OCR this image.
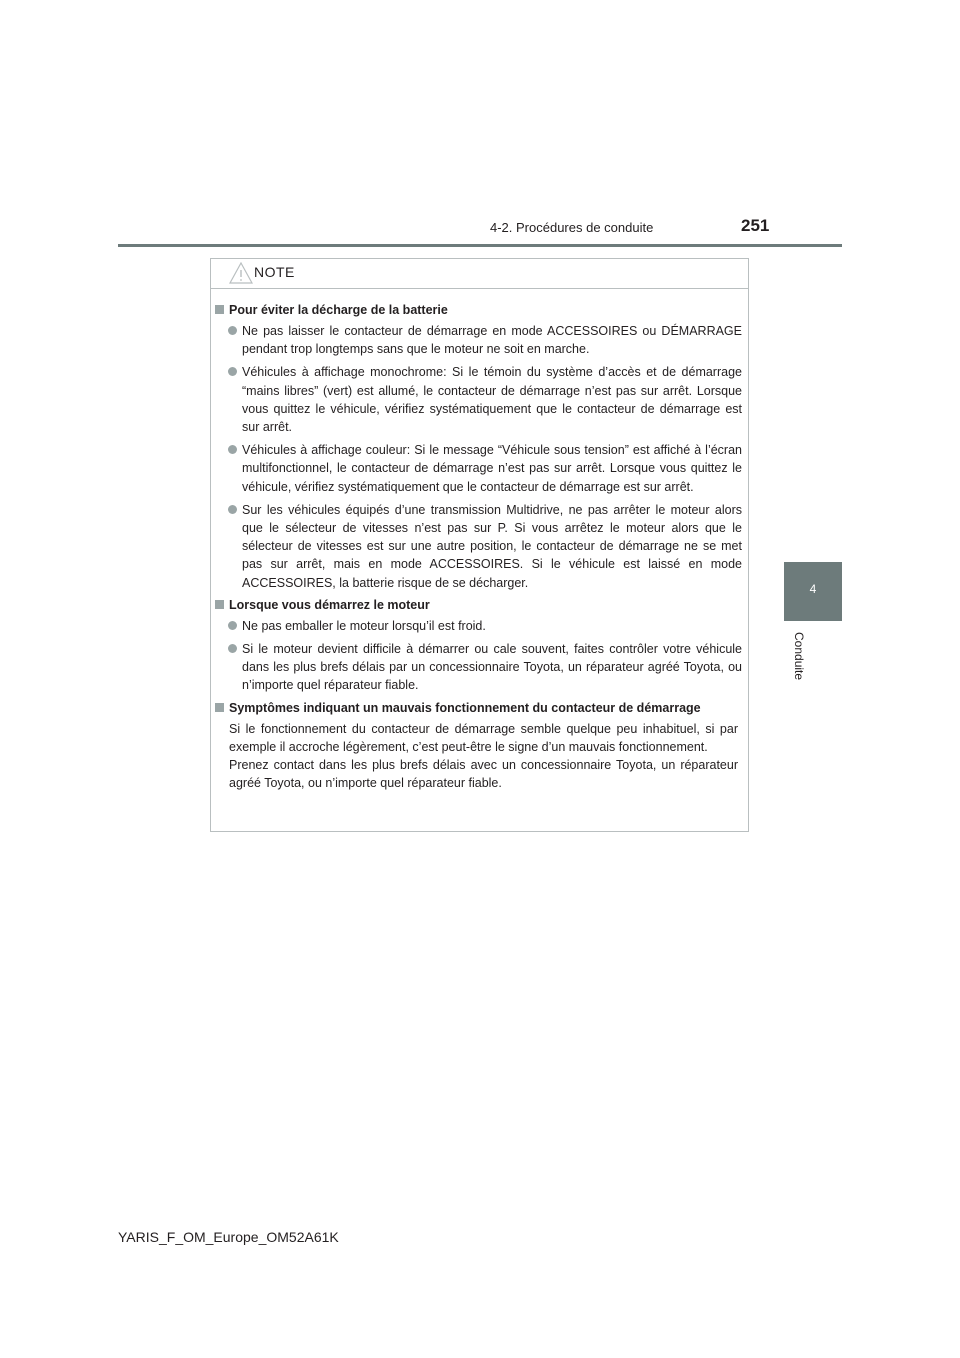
4-2. Procédures de conduite	251
4
Conduite
NOTE
Pour éviter la décharge de la batterie
Ne pas laisser le contacteur de démarrage en mode ACCESSOIRES ou DÉMARRAGE pendant trop longtemps sans que le moteur ne soit en marche.
Véhicules à affichage monochrome: Si le témoin du système d’accès et de démarrage “mains libres” (vert) est allumé, le contacteur de démarrage n’est pas sur arrêt. Lorsque vous quittez le véhicule, vérifiez systématiquement que le contacteur de démarrage est sur arrêt.
Véhicules à affichage couleur: Si le message “Véhicule sous tension” est affiché à l’écran multifonctionnel, le contacteur de démarrage n’est pas sur arrêt. Lorsque vous quittez le véhicule, vérifiez systématiquement que le contacteur de démarrage est sur arrêt.
Sur les véhicules équipés d’une transmission Multidrive, ne pas arrêter le moteur alors que le sélecteur de vitesses n’est pas sur P. Si vous arrêtez le moteur alors que le sélecteur de vitesses est sur une autre position, le contacteur de démarrage ne se met pas sur arrêt, mais en mode ACCESSOIRES. Si le véhicule est laissé en mode ACCESSOIRES, la batterie risque de se décharger.
Lorsque vous démarrez le moteur
Ne pas emballer le moteur lorsqu’il est froid.
Si le moteur devient difficile à démarrer ou cale souvent, faites contrôler votre véhicule dans les plus brefs délais par un concessionnaire Toyota, un réparateur agréé Toyota, ou n’importe quel réparateur fiable.
Symptômes indiquant un mauvais fonctionnement du contacteur de démarrage
Si le fonctionnement du contacteur de démarrage semble quelque peu inhabituel, si par exemple il accroche légèrement, c’est peut-être le signe d’un mauvais fonctionnement.
Prenez contact dans les plus brefs délais avec un concessionnaire Toyota, un réparateur agréé Toyota, ou n’importe quel réparateur fiable.
YARIS_F_OM_Europe_OM52A61K
